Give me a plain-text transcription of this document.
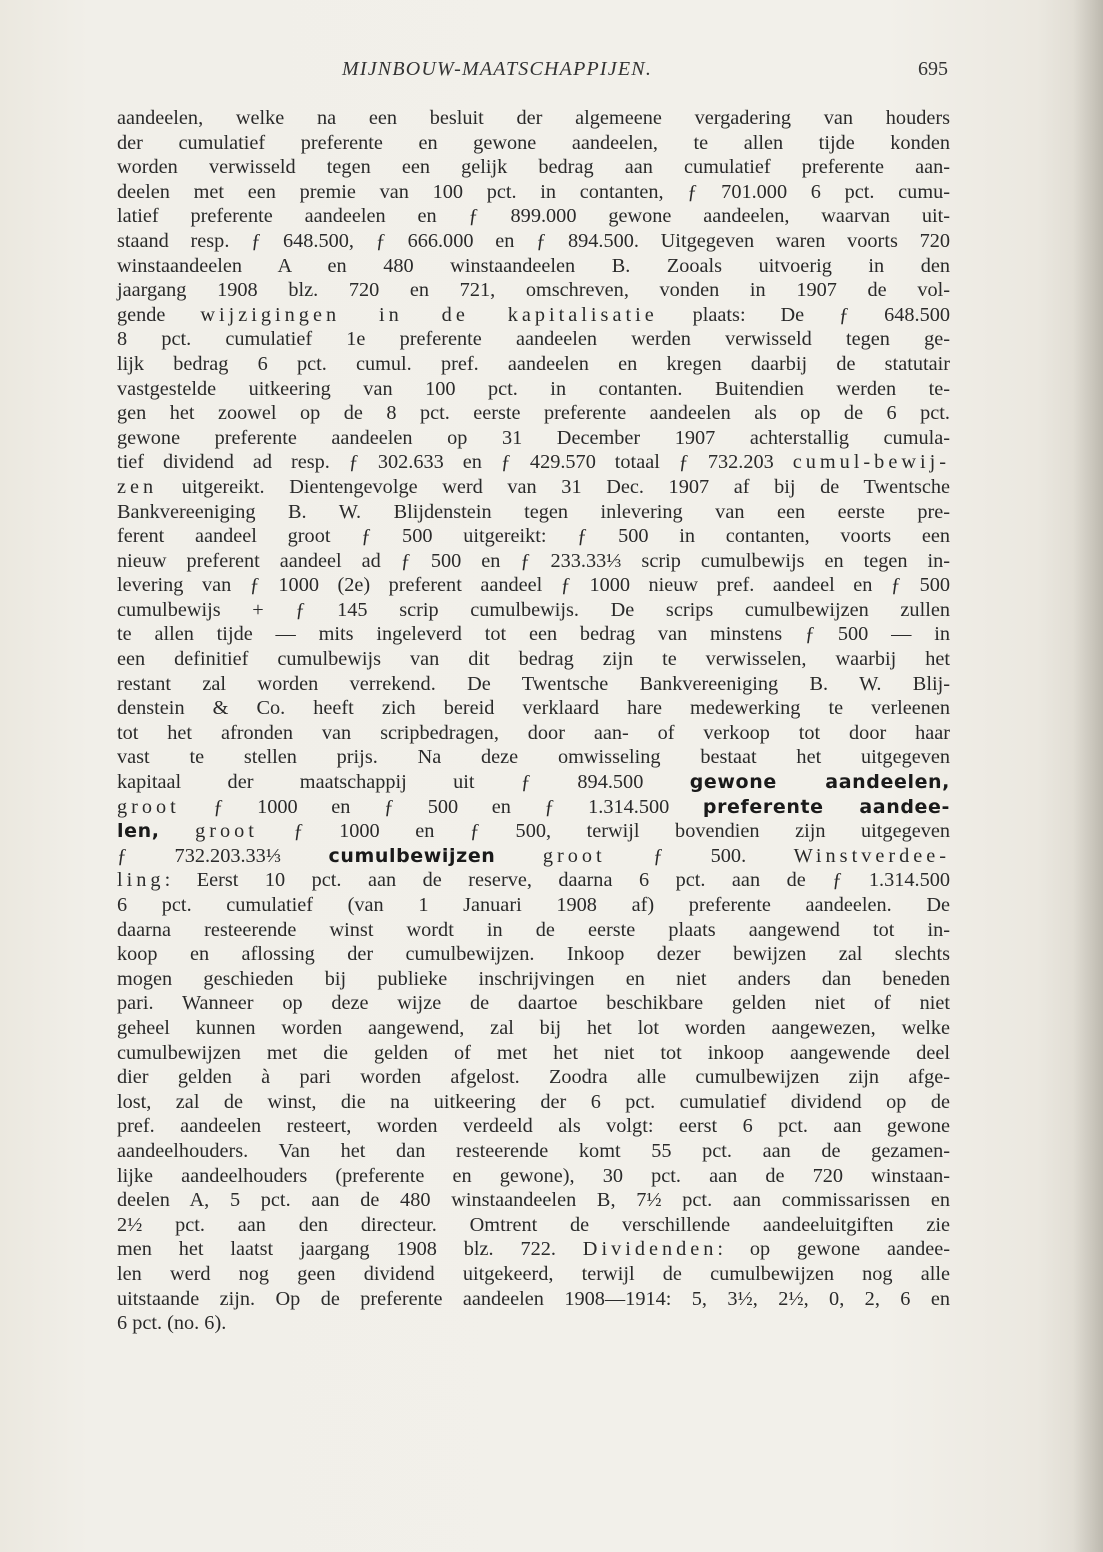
MIJNBOUW-MAATSCHAPPIJEN.	695
aandeelen, welke na een besluit der algemeene vergadering van houders
der cumulatief preferente en gewone aandeelen, te allen tijde konden
worden verwisseld tegen een gelijk bedrag aan cumulatief preferente aan-
deelen met een premie van 100 pct. in contanten, ƒ 701.000 6 pct. cumu-
latief preferente aandeelen en ƒ 899.000 gewone aandeelen, waarvan uit-
staand resp. ƒ 648.500, ƒ 666.000 en ƒ 894.500. Uitgegeven waren voorts 720
winstaandeelen A en 480 winstaandeelen B. Zooals uitvoerig in den
jaargang 1908 blz. 720 en 721, omschreven, vonden in 1907 de vol-
gende wijzigingen in de kapitalisatie plaats: De ƒ 648.500
8 pct. cumulatief 1e preferente aandeelen werden verwisseld tegen ge-
lijk bedrag 6 pct. cumul. pref. aandeelen en kregen daarbij de statutair
vastgestelde uitkeering van 100 pct. in contanten. Buitendien werden te-
gen het zoowel op de 8 pct. eerste preferente aandeelen als op de 6 pct.
gewone preferente aandeelen op 31 December 1907 achterstallig cumula-
tief dividend ad resp. ƒ 302.633 en ƒ 429.570 totaal ƒ 732.203 cumul-bewij-
zen uitgereikt. Dientengevolge werd van 31 Dec. 1907 af bij de Twentsche
Bankvereeniging B. W. Blijdenstein tegen inlevering van een eerste pre-
ferent aandeel groot ƒ 500 uitgereikt: ƒ 500 in contanten, voorts een
nieuw preferent aandeel ad ƒ 500 en ƒ 233.33⅓ scrip cumulbewijs en tegen in-
levering van ƒ 1000 (2e) preferent aandeel ƒ 1000 nieuw pref. aandeel en ƒ 500
cumulbewijs + ƒ 145 scrip cumulbewijs. De scrips cumulbewijzen zullen
te allen tijde — mits ingeleverd tot een bedrag van minstens ƒ 500 — in
een definitief cumulbewijs van dit bedrag zijn te verwisselen, waarbij het
restant zal worden verrekend. De Twentsche Bankvereeniging B. W. Blij-
denstein & Co. heeft zich bereid verklaard hare medewerking te verleenen
tot het afronden van scripbedragen, door aan- of verkoop tot door haar
vast te stellen prijs. Na deze omwisseling bestaat het uitgegeven
kapitaal der maatschappij uit ƒ 894.500 gewone aandeelen,
groot ƒ 1000 en ƒ 500 en ƒ 1.314.500 preferente aandee-
len, groot ƒ 1000 en ƒ 500, terwijl bovendien zijn uitgegeven
ƒ 732.203.33⅓ cumulbewijzen groot ƒ 500. Winstverdee-
ling: Eerst 10 pct. aan de reserve, daarna 6 pct. aan de ƒ 1.314.500
6 pct. cumulatief (van 1 Januari 1908 af) preferente aandeelen. De
daarna resteerende winst wordt in de eerste plaats aangewend tot in-
koop en aflossing der cumulbewijzen. Inkoop dezer bewijzen zal slechts
mogen geschieden bij publieke inschrijvingen en niet anders dan beneden
pari. Wanneer op deze wijze de daartoe beschikbare gelden niet of niet
geheel kunnen worden aangewend, zal bij het lot worden aangewezen, welke
cumulbewijzen met die gelden of met het niet tot inkoop aangewende deel
dier gelden à pari worden afgelost. Zoodra alle cumulbewijzen zijn afge-
lost, zal de winst, die na uitkeering der 6 pct. cumulatief dividend op de
pref. aandeelen resteert, worden verdeeld als volgt: eerst 6 pct. aan gewone
aandeelhouders. Van het dan resteerende komt 55 pct. aan de gezamen-
lijke aandeelhouders (preferente en gewone), 30 pct. aan de 720 winstaan-
deelen A, 5 pct. aan de 480 winstaandeelen B, 7½ pct. aan commissarissen en
2½ pct. aan den directeur. Omtrent de verschillende aandeeluitgiften zie
men het laatst jaargang 1908 blz. 722. Dividenden: op gewone aandee-
len werd nog geen dividend uitgekeerd, terwijl de cumulbewijzen nog alle
uitstaande zijn. Op de preferente aandeelen 1908—1914: 5, 3½, 2½, 0, 2, 6 en
6 pct. (no. 6).
